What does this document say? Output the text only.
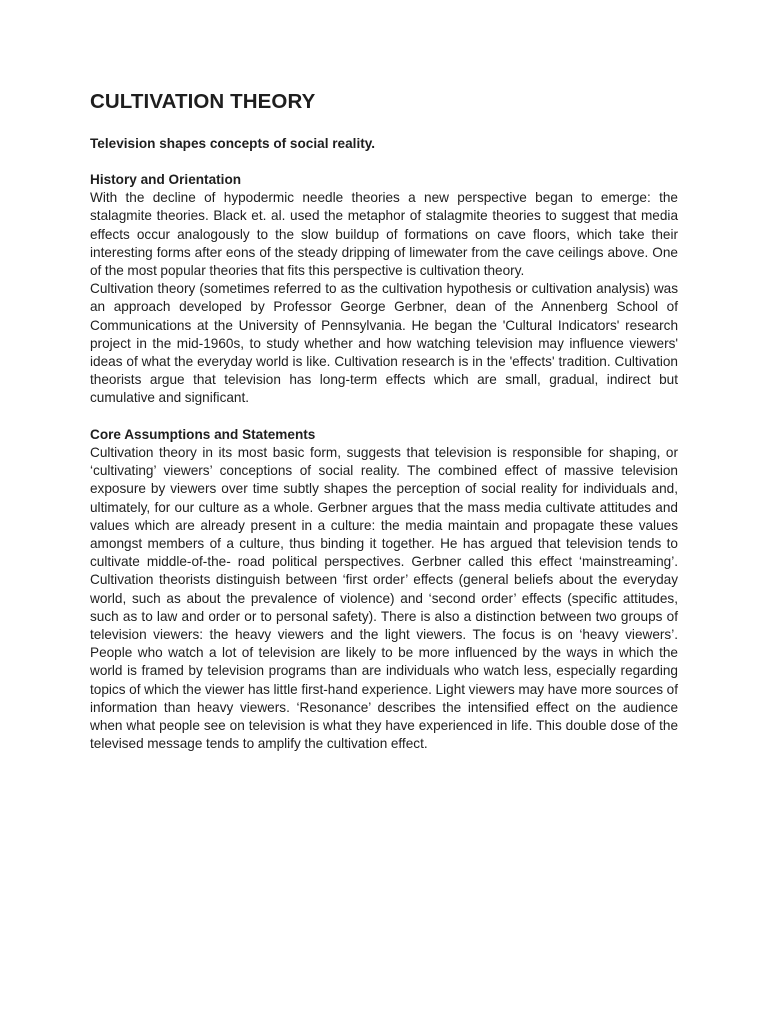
CULTIVATION THEORY

Television shapes concepts of social reality.

History and Orientation

With the decline of hypodermic needle theories a new perspective began to emerge: the stalagmite theories. Black et. al. used the metaphor of stalagmite theories to suggest that media effects occur analogously to the slow buildup of formations on cave floors, which take their interesting forms after eons of the steady dripping of limewater from the cave ceilings above. One of the most popular theories that fits this perspective is cultivation theory.

Cultivation theory (sometimes referred to as the cultivation hypothesis or cultivation analysis) was an approach developed by Professor George Gerbner, dean of the Annenberg School of Communications at the University of Pennsylvania. He began the 'Cultural Indicators' research project in the mid-1960s, to study whether and how watching television may influence viewers' ideas of what the everyday world is like. Cultivation research is in the 'effects' tradition. Cultivation theorists argue that television has long-term effects which are small, gradual, indirect but cumulative and significant.

Core Assumptions and Statements

Cultivation theory in its most basic form, suggests that television is responsible for shaping, or ‘cultivating’ viewers’ conceptions of social reality. The combined effect of massive television exposure by viewers over time subtly shapes the perception of social reality for individuals and, ultimately, for our culture as a whole. Gerbner argues that the mass media cultivate attitudes and values which are already present in a culture: the media maintain and propagate these values amongst members of a culture, thus binding it together. He has argued that television tends to cultivate middle-of-the- road political perspectives. Gerbner called this effect ‘mainstreaming’. Cultivation theorists distinguish between ‘first order’ effects (general beliefs about the everyday world, such as about the prevalence of violence) and ‘second order’ effects (specific attitudes, such as to law and order or to personal safety). There is also a distinction between two groups of television viewers: the heavy viewers and the light viewers. The focus is on ‘heavy viewers’. People who watch a lot of television are likely to be more influenced by the ways in which the world is framed by television programs than are individuals who watch less, especially regarding topics of which the viewer has little first-hand experience. Light viewers may have more sources of information than heavy viewers. ‘Resonance’ describes the intensified effect on the audience when what people see on television is what they have experienced in life. This double dose of the televised message tends to amplify the cultivation effect.
